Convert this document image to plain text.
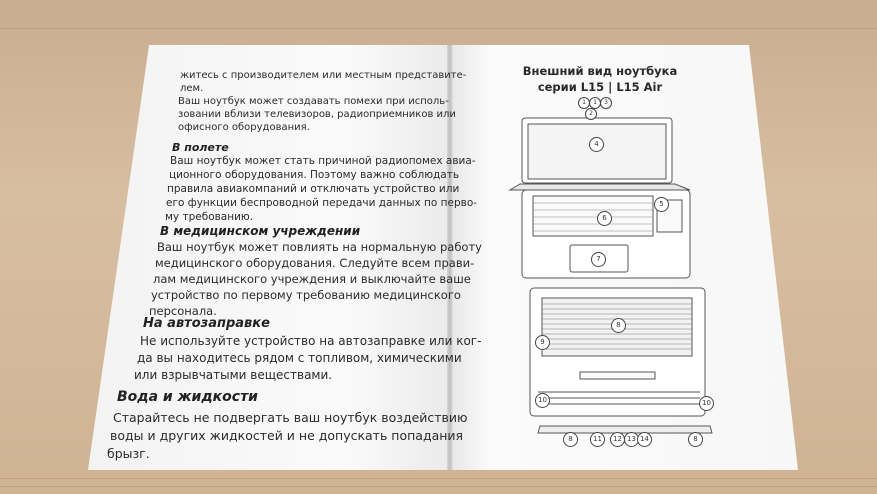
житесь с производителем или местным представите-
лем.
Ваш ноутбук может создавать помехи при исполь-
зовании вблизи телевизоров, радиоприемников или
офисного оборудования.
В полете
Ваш ноутбук может стать причиной радиопомех авиа-
ционного оборудования. Поэтому важно соблюдать
правила авиакомпаний и отключать устройство или
его функции беспроводной передачи данных по перво-
му требованию.
В медицинском учреждении
Ваш ноутбук может повлиять на нормальную работу
медицинского оборудования. Следуйте всем прави-
лам медицинского учреждения и выключайте ваше
устройство по первому требованию медицинского
персонала.
На автозаправке
Не используйте устройство на автозаправке или ког-
да вы находитесь рядом с топливом, химическими
или взрывчатыми веществами.
Вода и жидкости
Старайтесь не подвергать ваш ноутбук воздействию
воды и других жидкостей и не допускать попадания
брызг.
Внешний вид ноутбука
серии L15 | L15 Air
1	1	3
2
4
5
6
7
8
9
10	10
8	11	12 13 14	8
